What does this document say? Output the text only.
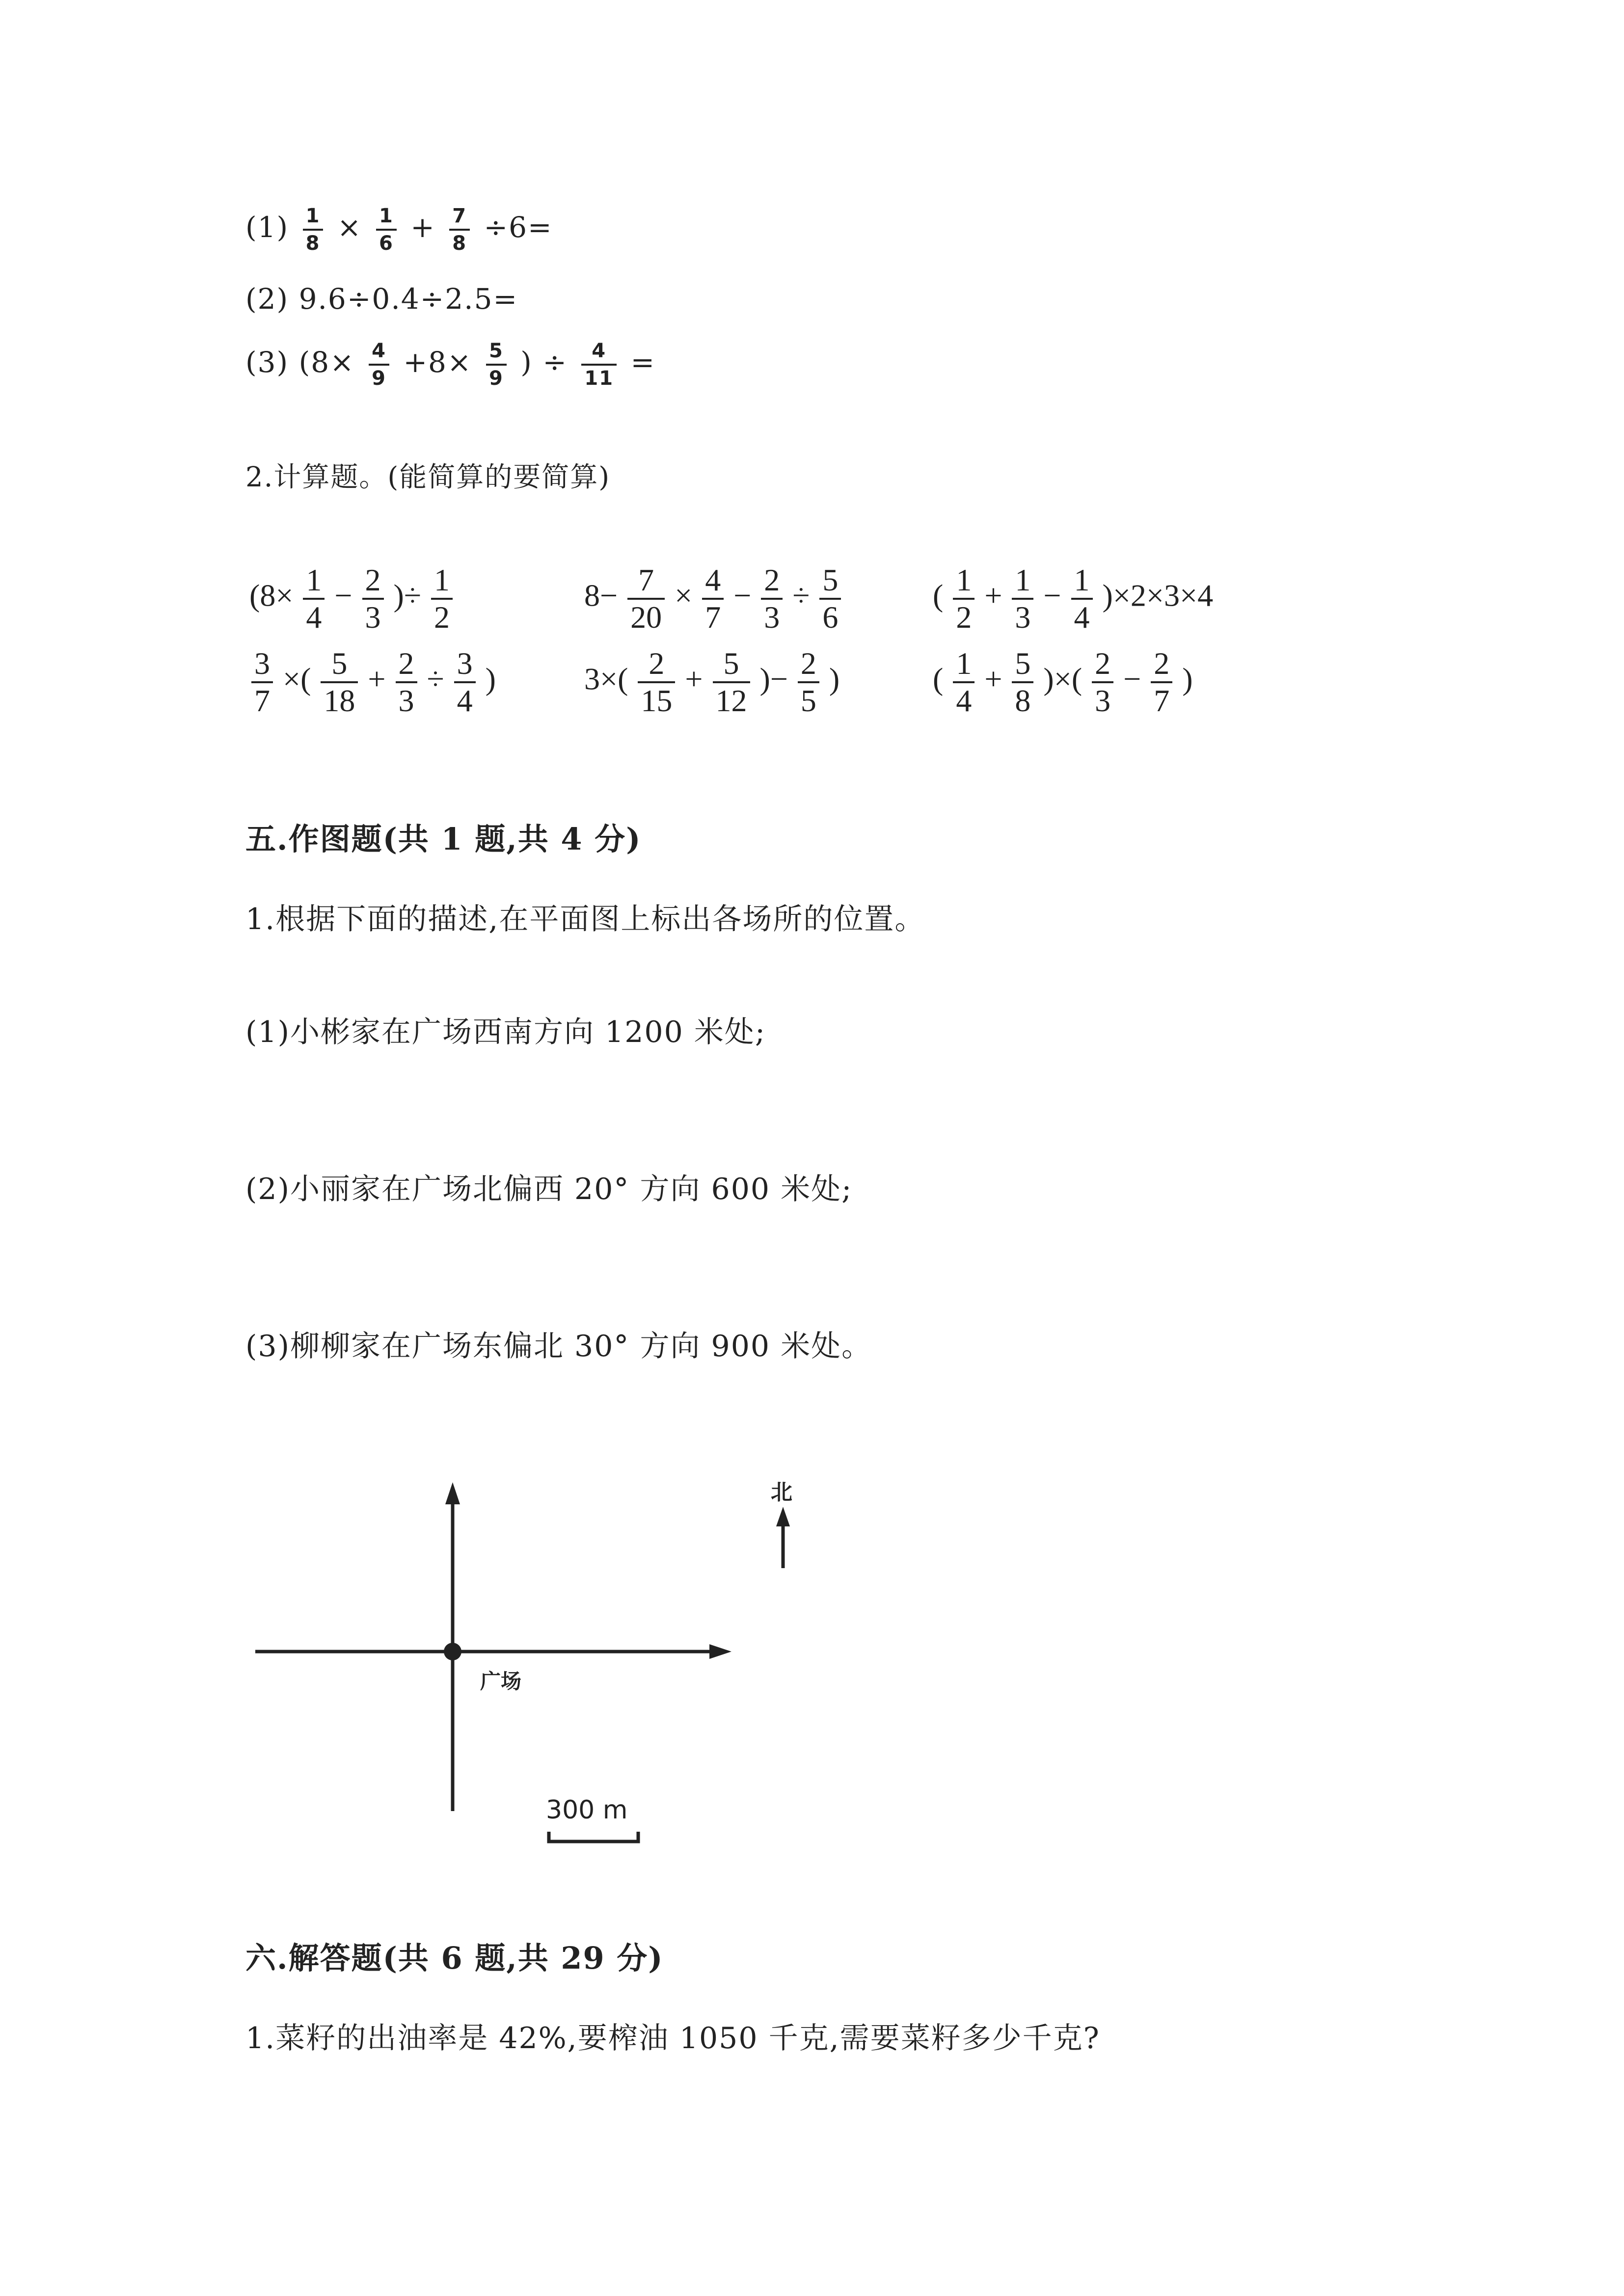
$(1) \frac{1}{8} \times \frac{1}{6} + \frac{7}{8} \div 6=$
(2) 9.6÷0.4÷2.5=
(3) ($8\times \frac{4}{9} +8\times \frac{5}{9}$ ) ÷ $\frac{4}{11}$ =
2.计算题。(能简算的要简算)
($8\times \frac{1}{4} - \frac{2}{3}$ )÷ $\frac{1}{2}$	$8- \frac{7}{20} \times \frac{4}{7} - \frac{2}{3} \div \frac{5}{6}$	( $\frac{1}{2} + \frac{1}{3} - \frac{1}{4} )\times 2\times 3\times 4$
$\frac{3}{7}$ ×( $\frac{5}{18} + \frac{2}{3} \div \frac{3}{4}$ )	$3\times( \frac{2}{15} + \frac{5}{12}$ )− $\frac{2}{5}$ )	( $\frac{1}{4} + \frac{5}{8}$ )×( $\frac{2}{3} - \frac{2}{7}$ )
五.作图题(共 1 题,共 4 分)
1.根据下面的描述,在平面图上标出各场所的位置。
(1)小彬家在广场西南方向 1200 米处;
(2)小丽家在广场北偏西 20° 方向 600 米处;
(3)柳柳家在广场东偏北 30° 方向 900 米处。
北
广场
300 m
六.解答题(共 6 题,共 29 分)
1.菜籽的出油率是 42%,要榨油 1050 千克,需要菜籽多少千克?
